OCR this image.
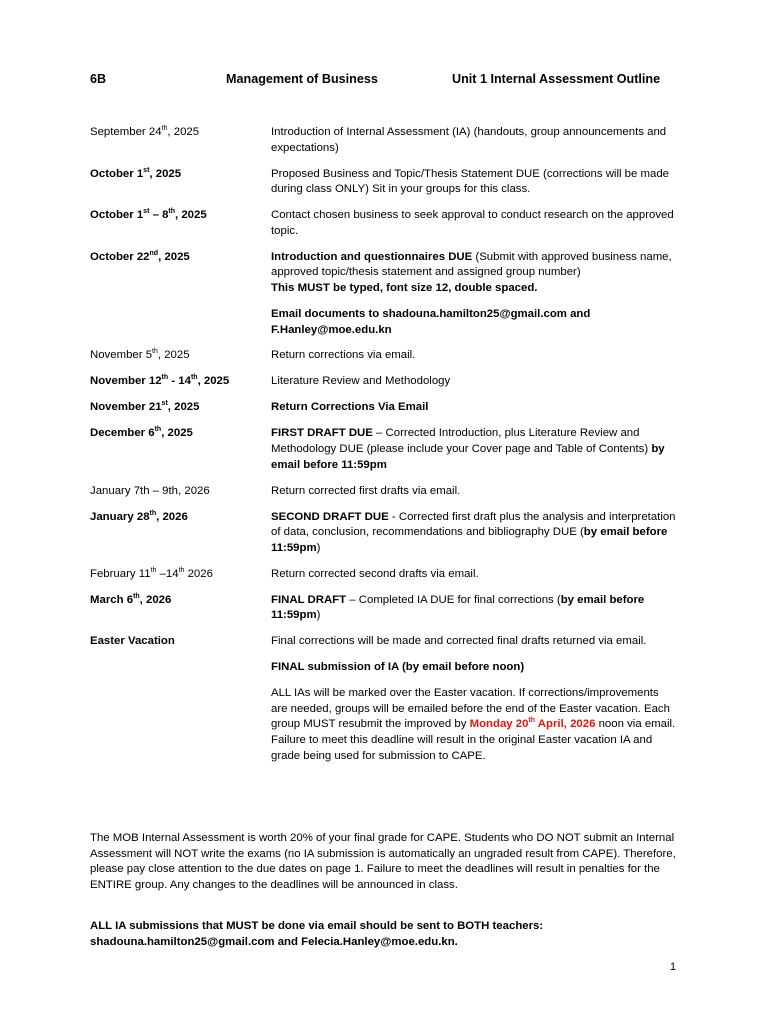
6B	Management of Business	Unit 1 Internal Assessment Outline
September 24th, 2025	Introduction of Internal Assessment (IA) (handouts, group announcements and expectations)

October 1st, 2025	Proposed Business and Topic/Thesis Statement DUE (corrections will be made during class ONLY) Sit in your groups for this class.

October 1st – 8th, 2025	Contact chosen business to seek approval to conduct research on the approved topic.

October 22nd, 2025	Introduction and questionnaires DUE (Submit with approved business name, approved topic/thesis statement and assigned group number)
This MUST be typed, font size 12, double spaced.

Email documents to shadouna.hamilton25@gmail.com and F.Hanley@moe.edu.kn

November 5th, 2025	Return corrections via email.

November 12th - 14th, 2025	Literature Review and Methodology

November 21st, 2025	Return Corrections Via Email

December 6th, 2025	FIRST DRAFT DUE – Corrected Introduction, plus Literature Review and Methodology DUE (please include your Cover page and Table of Contents) by email before 11:59pm

January 7th – 9th, 2026	Return corrected first drafts via email.

January 28th, 2026	SECOND DRAFT DUE - Corrected first draft plus the analysis and interpretation of data, conclusion, recommendations and bibliography DUE (by email before 11:59pm)

February 11th –14th 2026	Return corrected second drafts via email.

March 6th, 2026	FINAL DRAFT – Completed IA DUE for final corrections (by email before 11:59pm)

Easter Vacation	Final corrections will be made and corrected final drafts returned via email.

FINAL submission of IA (by email before noon)

ALL IAs will be marked over the Easter vacation. If corrections/improvements are needed, groups will be emailed before the end of the Easter vacation. Each group MUST resubmit the improved by Monday 20th April, 2026 noon via email. Failure to meet this deadline will result in the original Easter vacation IA and grade being used for submission to CAPE.

The MOB Internal Assessment is worth 20% of your final grade for CAPE. Students who DO NOT submit an Internal Assessment will NOT write the exams (no IA submission is automatically an ungraded result from CAPE). Therefore, please pay close attention to the due dates on page 1. Failure to meet the deadlines will result in penalties for the ENTIRE group. Any changes to the deadlines will be announced in class.
ALL IA submissions that MUST be done via email should be sent to BOTH teachers: shadouna.hamilton25@gmail.com and Felecia.Hanley@moe.edu.kn.
1
